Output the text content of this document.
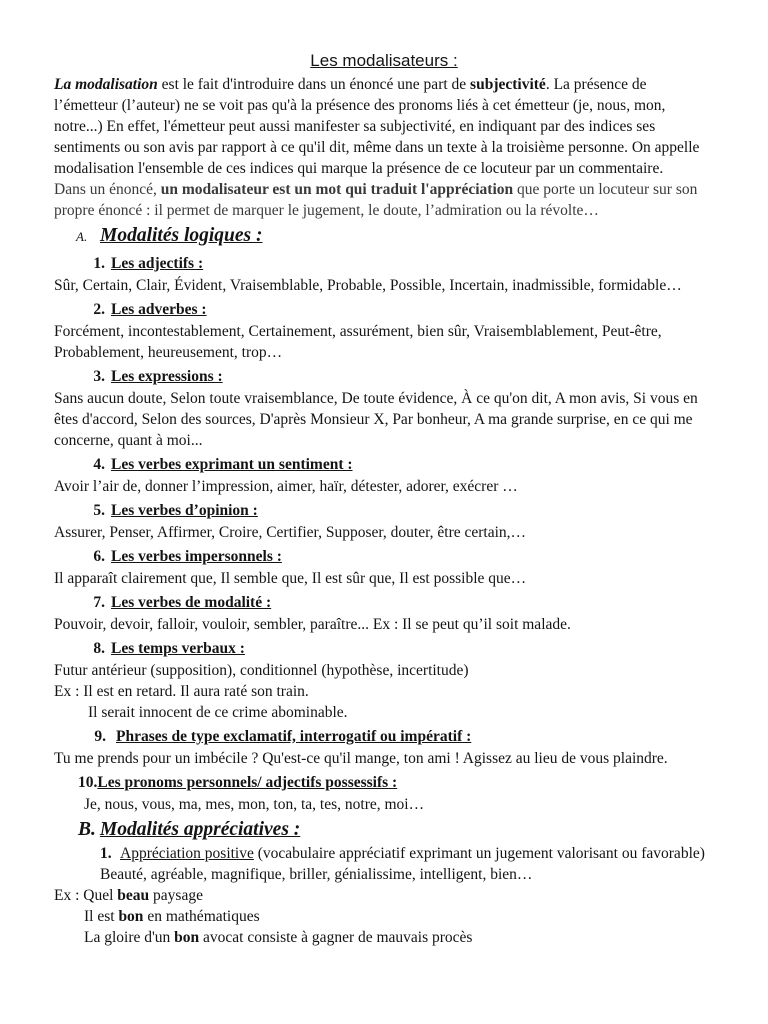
Les modalisateurs :

La modalisation est le fait d'introduire dans un énoncé une part de subjectivité. La présence de l’émetteur (l’auteur) ne se voit pas qu'à la présence des pronoms liés à cet émetteur (je, nous, mon, notre...) En effet, l'émetteur peut aussi manifester sa subjectivité, en indiquant par des indices ses sentiments ou son avis par rapport à ce qu'il dit, même dans un texte à la troisième personne. On appelle modalisation l'ensemble de ces indices qui marque la présence de ce locuteur par un commentaire.

Dans un énoncé, un modalisateur est un mot qui traduit l'appréciation que porte un locuteur sur son propre énoncé : il permet de marquer le jugement, le doute, l’admiration ou la révolte…

A. Modalités logiques :
1. Les adjectifs :

Sûr, Certain, Clair, Évident, Vraisemblable, Probable, Possible, Incertain, inadmissible, formidable…

2. Les adverbes :

Forcément, incontestablement, Certainement, assurément, bien sûr, Vraisemblablement, Peut-être, Probablement, heureusement, trop…

3. Les expressions :

Sans aucun doute, Selon toute vraisemblance, De toute évidence, À ce qu'on dit, A mon avis, Si vous en êtes d'accord, Selon des sources, D'après Monsieur X, Par bonheur, A ma grande surprise, en ce qui me concerne, quant à moi...

4. Les verbes exprimant un sentiment :

Avoir l’air de, donner l’impression, aimer, haïr, détester, adorer, exécrer …

5. Les verbes d’opinion :

Assurer, Penser, Affirmer, Croire, Certifier, Supposer, douter, être certain,…

6. Les verbes impersonnels :

Il apparaît clairement que, Il semble que, Il est sûr que, Il est possible que…

7. Les verbes de modalité :

Pouvoir, devoir, falloir, vouloir, sembler, paraître... Ex : Il se peut qu’il soit malade.

8. Les temps verbaux :

Futur antérieur (supposition), conditionnel (hypothèse, incertitude)

Ex : Il est en retard. Il aura raté son train.

Il serait innocent de ce crime abominable.

9. Phrases de type exclamatif, interrogatif ou impératif :

Tu me prends pour un imbécile ? Qu'est-ce qu'il mange, ton ami ! Agissez au lieu de vous plaindre.

10.Les pronoms personnels/ adjectifs possessifs :

Je, nous, vous, ma, mes, mon, ton, ta, tes, notre, moi…

B. Modalités appréciatives :
1. Appréciation positive (vocabulaire appréciatif exprimant un jugement valorisant ou favorable) Beauté, agréable, magnifique, briller, génialissime, intelligent, bien…

Ex : Quel beau paysage

Il est bon en mathématiques

La gloire d'un bon avocat consiste à gagner de mauvais procès
